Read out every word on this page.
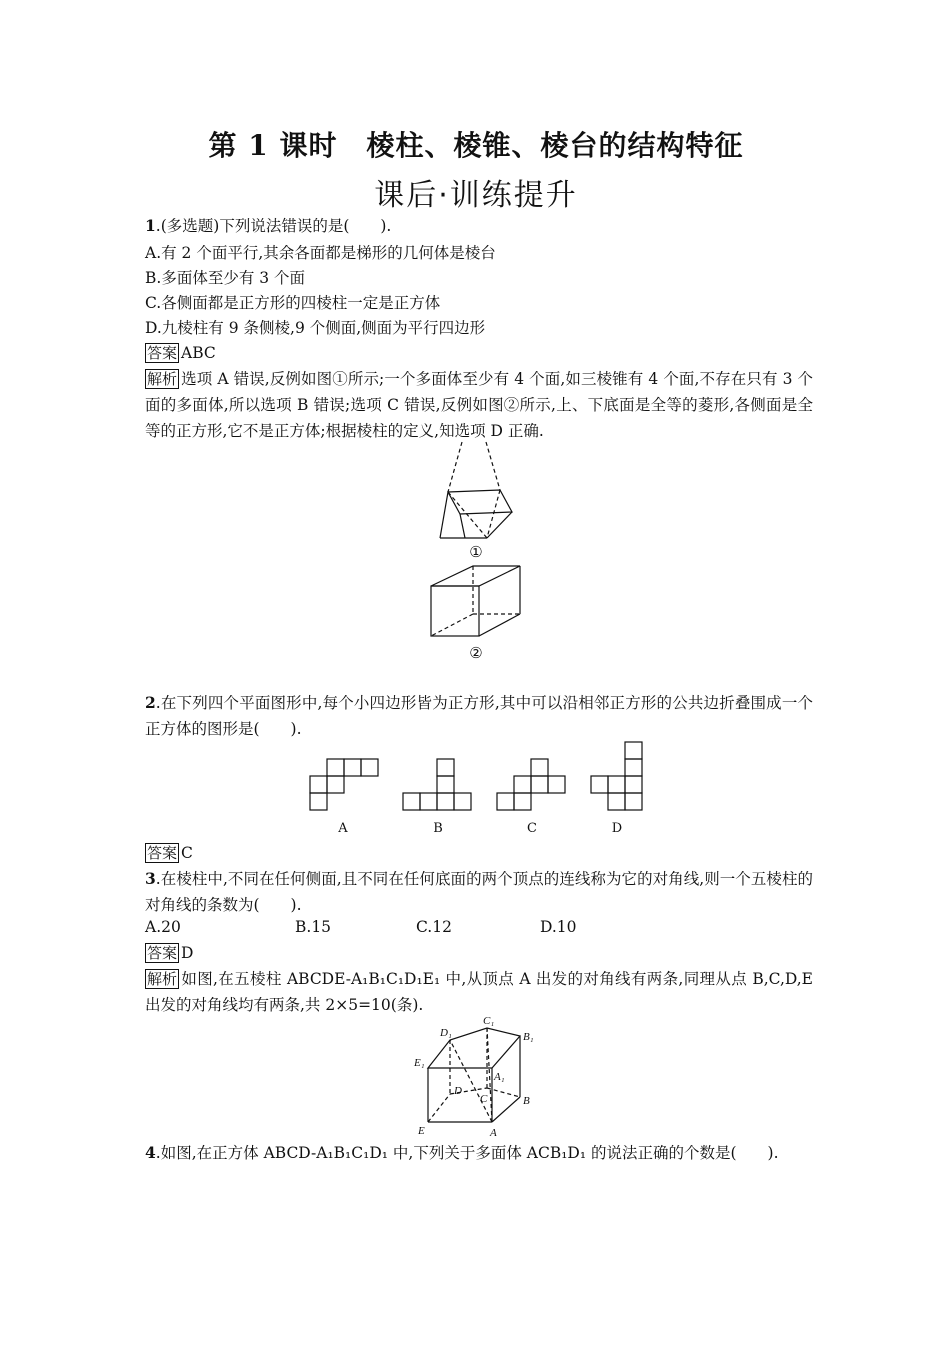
第 1 课时　棱柱、棱锥、棱台的结构特征
课后·训练提升
1.(多选题)下列说法错误的是(　　).
A.有 2 个面平行,其余各面都是梯形的几何体是棱台
B.多面体至少有 3 个面
C.各侧面都是正方形的四棱柱一定是正方体
D.九棱柱有 9 条侧棱,9 个侧面,侧面为平行四边形
答案 ABC
解析 选项 A 错误,反例如图①所示;一个多面体至少有 4 个面,如三棱锥有 4 个面,不存在只有 3 个面的多面体,所以选项 B 错误;选项 C 错误,反例如图②所示,上、下底面是全等的菱形,各侧面是全等的正方形,它不是正方体;根据棱柱的定义,知选项 D 正确.
①
②
2.在下列四个平面图形中,每个小四边形皆为正方形,其中可以沿相邻正方形的公共边折叠围成一个正方体的图形是(　　).
A	B	C	D
答案 C
3.在棱柱中,不同在任何侧面,且不同在任何底面的两个顶点的连线称为它的对角线,则一个五棱柱的对角线的条数为(　　).
A.20	B.15	C.12	D.10
答案 D
解析 如图,在五棱柱 ABCDE-A₁B₁C₁D₁E₁ 中,从顶点 A 出发的对角线有两条,同理从点 B,C,D,E 出发的对角线均有两条,共 2×5=10(条).
D₁
C₁
B₁
E₁
A₁
D
C	B
E	A
4.如图,在正方体 ABCD-A₁B₁C₁D₁ 中,下列关于多面体 ACB₁D₁ 的说法正确的个数是(　　).
